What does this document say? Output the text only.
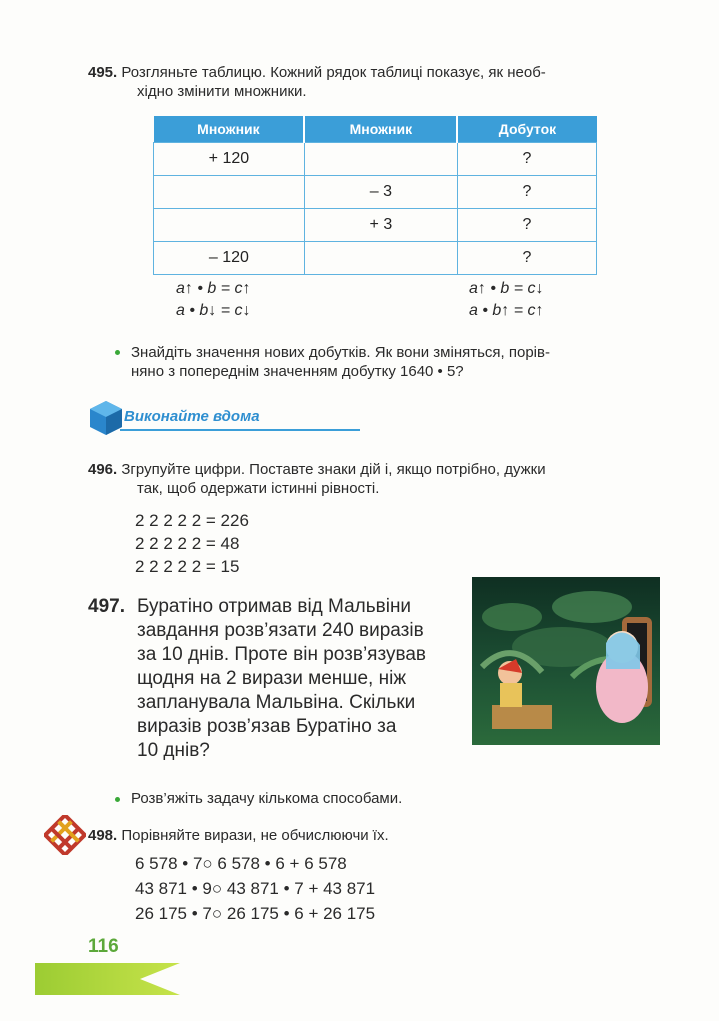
495. Розгляньте таблицю. Кожний рядок таблиці показує, як необ-
хідно змінити множники.
Множник	Множник	Добуток
+ 120		?
	– 3	?
	+ 3	?
– 120		?
a↑ • b = c↑
a • b↓ = c↓
a↑ • b = c↓
a • b↑ = c↑
Знайдіть значення нових добутків. Як вони зміняться, порів-
няно з попереднім значенням добутку 1640 • 5?
Виконайте вдома
496. Згрупуйте цифри. Поставте знаки дій і, якщо потрібно, дужки
так, щоб одержати істинні рівності.
2 2 2 2 2 = 226
2 2 2 2 2 = 48
2 2 2 2 2 = 15
497. Буратіно отримав від Мальвіни
завдання розв’язати 240 виразів
за 10 днів. Проте він розв’язував
щодня на 2 вирази менше, ніж
запланувала Мальвіна. Скільки
виразів розв’язав Буратіно за
10 днів?
Розв’яжіть задачу кількома способами.
498. Порівняйте вирази, не обчислюючи їх.
6 578 • 7○ 6 578 • 6 + 6 578
43 871 • 9○ 43 871 • 7 + 43 871
26 175 • 7○ 26 175 • 6 + 26 175
116
